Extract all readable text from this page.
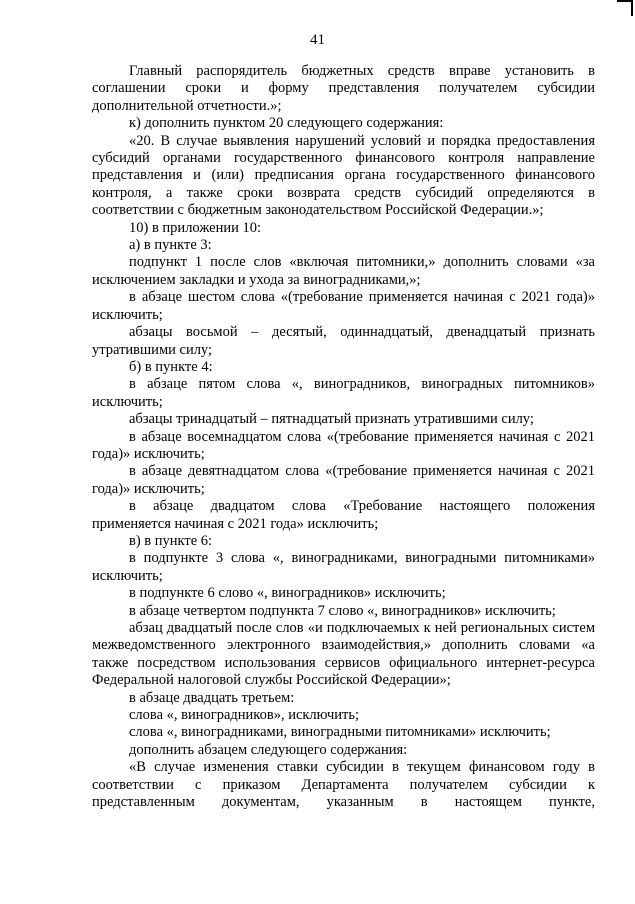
41

Главный распорядитель бюджетных средств вправе установить в соглашении сроки и форму представления получателем субсидии дополнительной отчетности.»;

к) дополнить пунктом 20 следующего содержания:

«20. В случае выявления нарушений условий и порядка предоставления субсидий органами государственного финансового контроля направление представления и (или) предписания органа государственного финансового контроля, а также сроки возврата средств субсидий определяются в соответствии с бюджетным законодательством Российской Федерации.»;

10) в приложении 10:

а) в пункте 3:

подпункт 1 после слов «включая питомники,» дополнить словами «за исключением закладки и ухода за виноградниками,»;

в абзаце шестом слова «(требование применяется начиная с 2021 года)» исключить;

абзацы восьмой – десятый, одиннадцатый, двенадцатый признать утратившими силу;

б) в пункте 4:

в абзаце пятом слова «, виноградников, виноградных питомников» исключить;

абзацы тринадцатый – пятнадцатый признать утратившими силу;

в абзаце восемнадцатом слова «(требование применяется начиная с 2021 года)» исключить;

в абзаце девятнадцатом слова «(требование применяется начиная с 2021 года)» исключить;

в абзаце двадцатом слова «Требование настоящего положения применяется начиная с 2021 года» исключить;

в) в пункте 6:

в подпункте 3 слова «, виноградниками, виноградными питомниками» исключить;

в подпункте 6 слово «, виноградников» исключить;

в абзаце четвертом подпункта 7 слово «, виноградников» исключить;

абзац двадцатый после слов «и подключаемых к ней региональных систем межведомственного электронного взаимодействия,» дополнить словами «а также посредством использования сервисов официального интернет-ресурса Федеральной налоговой службы Российской Федерации»;

в абзаце двадцать третьем:

слова «, виноградников», исключить;

слова «, виноградниками, виноградными питомниками» исключить;

дополнить абзацем следующего содержания:

«В случае изменения ставки субсидии в текущем финансовом году в соответствии с приказом Департамента получателем субсидии к представленным документам, указанным в настоящем пункте,
